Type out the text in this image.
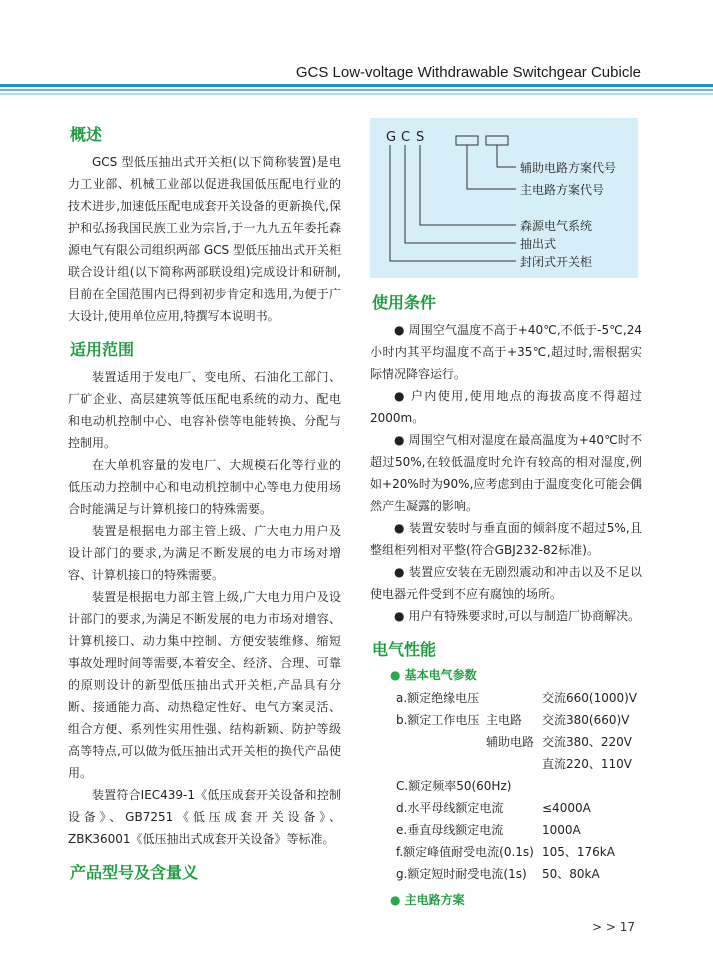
GCS Low-voltage Withdrawable Switchgear Cubicle
概述

GCS 型低压抽出式开关柜(以下简称装置)是电力工业部、机械工业部以促进我国低压配电行业的技术进步,加速低压配电成套开关设备的更新换代,保护和弘扬我国民族工业为宗旨,于一九九五年委托森源电气有限公司组织两部 GCS 型低压抽出式开关柜联合设计组(以下简称两部联设组)完成设计和研制,目前在全国范围内已得到初步肯定和选用,为便于广大设计,使用单位应用,特撰写本说明书。

适用范围

装置适用于发电厂、变电所、石油化工部门、厂矿企业、高层建筑等低压配电系统的动力、配电和电动机控制中心、电容补偿等电能转换、分配与控制用。

在大单机容量的发电厂、大规模石化等行业的低压动力控制中心和电动机控制中心等电力使用场合时能满足与计算机接口的特殊需要。

装置是根据电力部主管上级、广大电力用户及设计部门的要求,为满足不断发展的电力市场对增容、计算机接口的特殊需要。

装置是根据电力部主管上级,广大电力用户及设计部门的要求,为满足不断发展的电力市场对增容、计算机接口、动力集中控制、方便安装维修、缩短事故处理时间等需要,本着安全、经济、合理、可靠的原则设计的新型低压抽出式开关柜,产品具有分断、接通能力高、动热稳定性好、电气方案灵活、组合方便、系列性实用性强、结构新颖、防护等级高等特点,可以做为低压抽出式开关柜的换代产品使用。

装置符合IEC439-1《低压成套开关设备和控制设备》、GB7251《低压成套开关设备》、ZBK36001《低压抽出式成套开关设备》等标准。

产品型号及含量义
G C S
辅助电路方案代号
主电路方案代号
森源电气系统
抽出式
封闭式开关柜
使用条件

● 周围空气温度不高于+40℃,不低于-5℃,24小时内其平均温度不高于+35℃,超过时,需根据实际情况降容运行。

● 户内使用,使用地点的海拔高度不得超过2000m。

● 周围空气相对湿度在最高温度为+40℃时不超过50%,在较低温度时允许有较高的相对湿度,例如+20%时为90%,应考虑到由于温度变化可能会偶然产生凝露的影响。

● 装置安装时与垂直面的倾斜度不超过5%,且整组柜列相对平整(符合GBJ232-82标准)。

● 装置应安装在无剧烈震动和冲击以及不足以使电器元件受到不应有腐蚀的场所。

● 用户有特殊要求时,可以与制造厂协商解决。

电气性能
● 基本电气参数
a.额定绝缘电压	交流660(1000)V
b.额定工作电压 主电路 交流380(660)V
辅助电路 交流380、220V
直流220、110V
C.额定频率50(60Hz)
d.水平母线额定电流	≤4000A
e.垂直母线额定电流	1000A
f.额定峰值耐受电流(0.1s) 105、176kA
g.额定短时耐受电流(1s) 50、80kA
● 主电路方案
> > 17
